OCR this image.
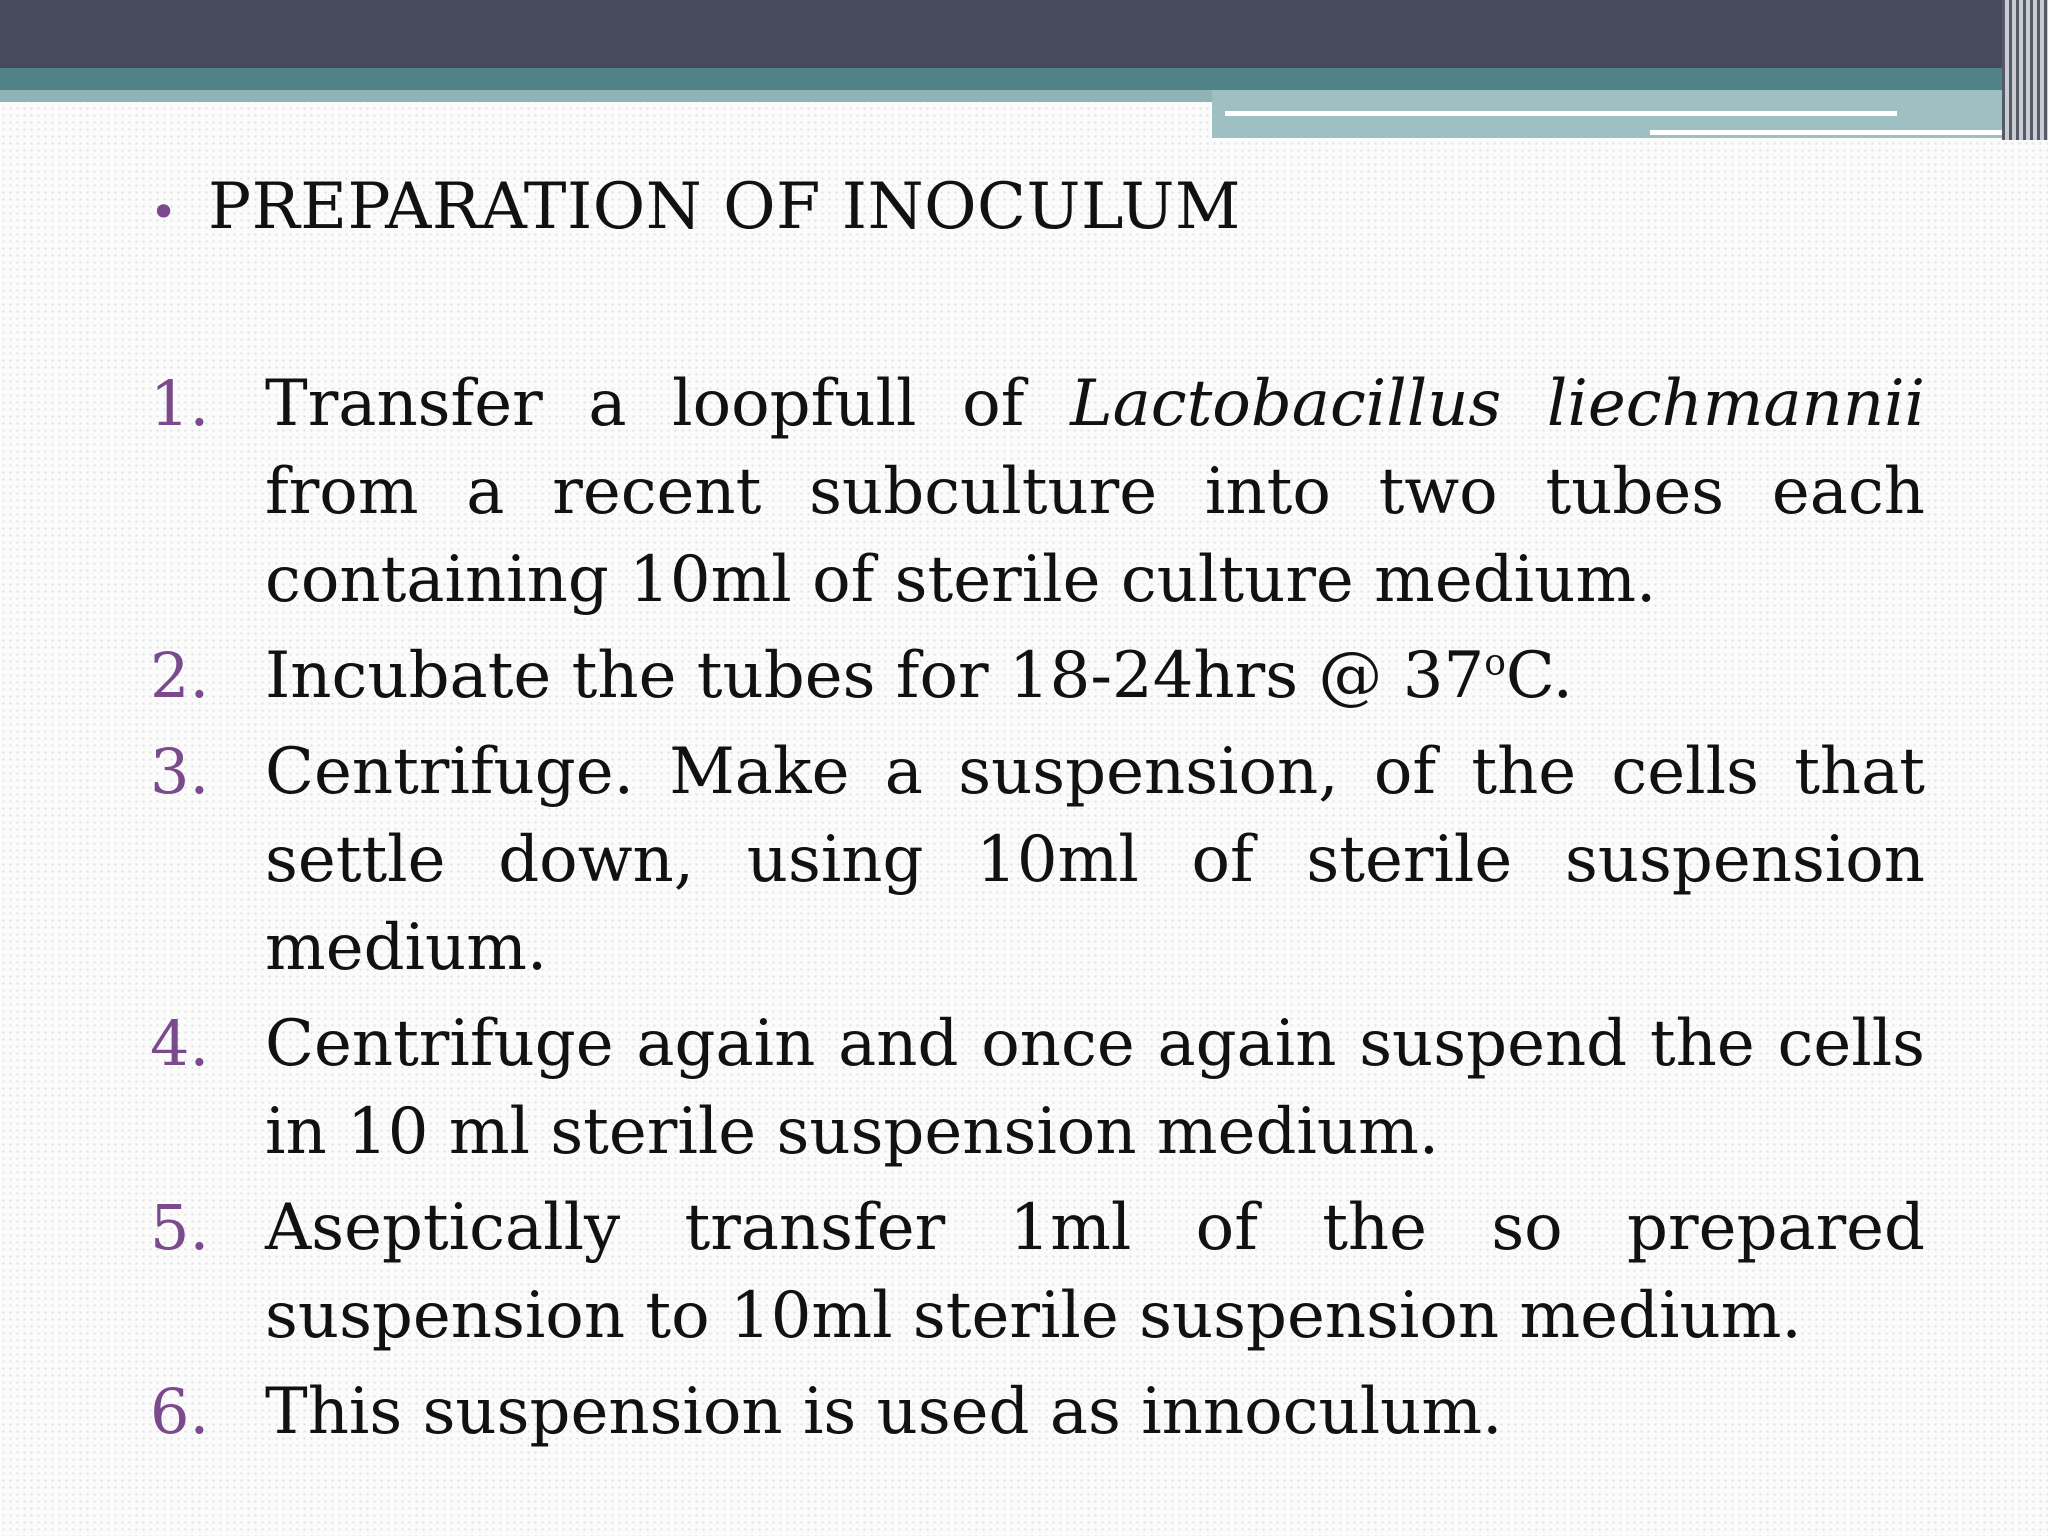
• PREPARATION OF INOCULUM
1. Transfer a loopfull of Lactobacillus liechmannii from a recent subculture into two tubes each containing 10ml of sterile culture medium.
2. Incubate the tubes for 18-24hrs @ 37$^o$C.
3. Centrifuge. Make a suspension, of the cells that settle down, using 10ml of sterile suspension medium.
4. Centrifuge again and once again suspend the cells in 10 ml sterile suspension medium.
5. Aseptically transfer 1ml of the so prepared suspension to 10ml sterile suspension medium.
6. This suspension is used as innoculum.
